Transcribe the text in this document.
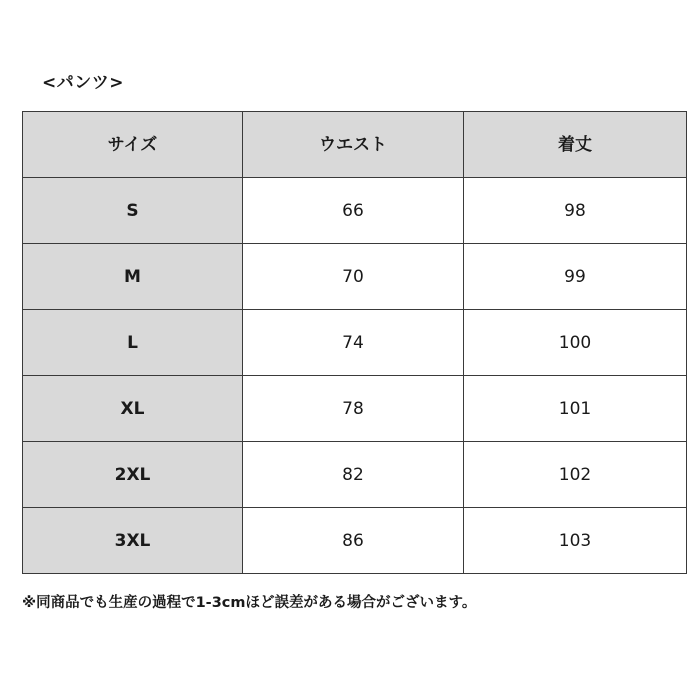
<パンツ>
サイズ	ウエスト	着丈
S	66	98
M	70	99
L	74	100
XL	78	101
2XL	82	102
3XL	86	103
※同商品でも生産の過程で1-3cmほど誤差がある場合がございます。
